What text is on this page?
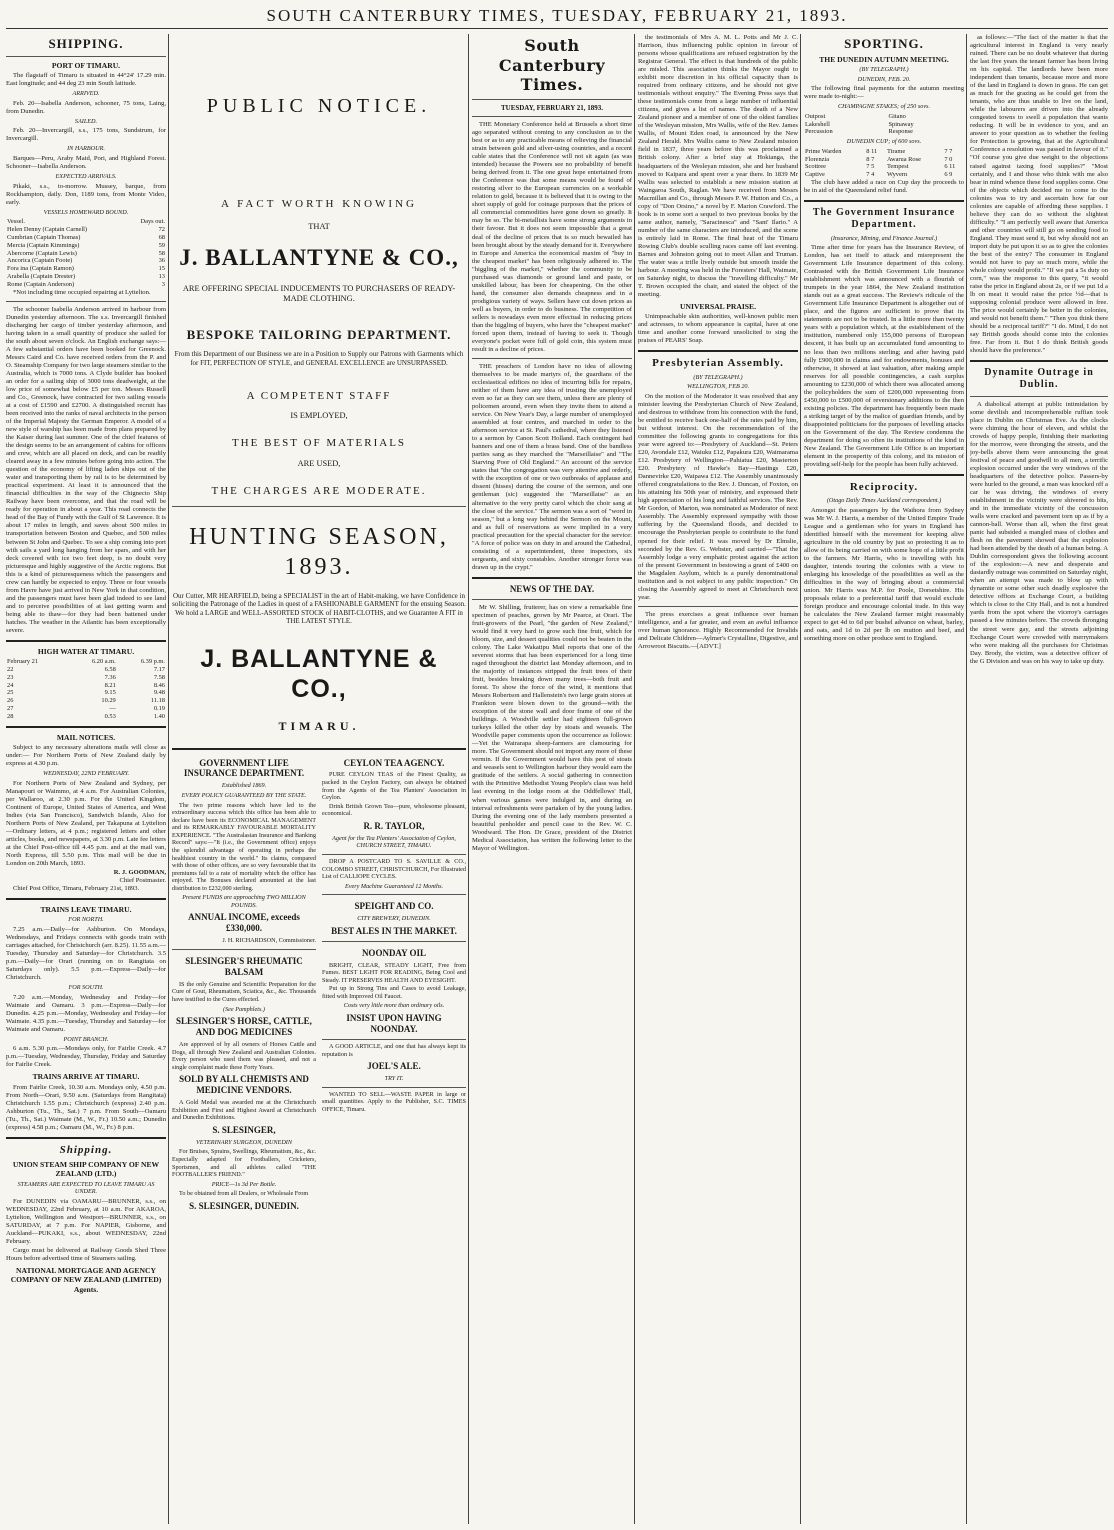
SOUTH CANTERBURY TIMES, TUESDAY, FEBRUARY 21, 1893.
SHIPPING.
PORT OF TIMARU.

The flagstaff of Timaru is situated in 44°24' 17.29 min. East longitude; and 44 deg 23 min South latitude.

ARRIVED.

Feb. 20—Isabella Anderson, schooner, 75 tons, Laing, from Dunedin.

SAILED.

Feb. 20—Invercargill, s.s., 175 tons, Sundstrum, for Invercargill.

IN HARBOUR.

Barques—Peru, Araby Maid, Pori, and Highland Forest. Schooner—Isabella Anderson.

EXPECTED ARRIVALS.

Pikaki, s.s., to-morrow. Mussey, barque, from Rockhampton, daily. Don, 1189 tons, from Monte Video, early.

VESSELS HOMEWARD BOUND.
Vessel.	Days out.
Helen Denny (Captain Carnell)	72
Cumbrian (Captain Thomas)	68
Mercia (Captain Kimmings)	59
Abercorne (Captain Lewis)	58
Ancorica (Captain Foote)	36
Fora ina (Captain Ramon)	15
Arabella (Captain Drester)	13
Rome (Captain Anderson)	3

*Not including time occupied repairing at Lyttelton.

The schooner Isabella Anderson arrived in harbour from Dunedin yesterday afternoon. The s.s. Invercargill finished discharging her cargo of timber yesterday afternoon, and having taken in a small quantity of produce she sailed for the south about seven o'clock. An English exchange says:—A few substantial orders have been booked for Greenock. Messrs Caird and Co. have received orders from the P. and O. Steamship Company for two large steamers similar to the Australia, which is 7000 tons. A Clyde builder has booked an order for a sailing ship of 3000 tons deadweight, at the low price of somewhat below £5 per ton. Messrs Russell and Co., Greenock, have contracted for two sailing vessels at a cost of £1590 and £2700. A distinguished recruit has been received into the ranks of naval architects in the person of the Imperial Majesty the German Emperor. A model of a new style of warship has been made from plans prepared by the Kaiser during last summer. One of the chief features of the design seems to be an arrangement of cabins for officers and crew, which are all placed on deck, and can be readily cleared away in a few minutes before going into action. The question of the economy of lifting laden ships out of the water and transporting them by rail is to be determined by practical experiment. At least it is announced that the financial difficulties in the way of the Chignecto Ship Railway have been overcome, and that the road will be ready for operation in about a year. This road connects the head of the Bay of Fundy with the Gulf of St Lawrence. It is about 17 miles in length, and saves about 500 miles in transportation between Boston and Quebec, and 500 miles between St John and Quebec. To see a ship coming into port with sails a yard long hanging from her spars, and with her deck covered with ice two feet deep, is no doubt very picturesque and highly suggestive of the Arctic regions. But this is a kind of picturesqueness which the passengers and crew can hardly be expected to enjoy. Three or four vessels from Havre have just arrived in New York in that condition, and the passengers must have been glad indeed to see land and to perceive possibilities of at last getting warm and being able to thaw—for they had been battened under hatches. The weather in the Atlantic has been exceptionally severe.

HIGH WATER AT TIMARU.
February 21	6.20 a.m.	6.39 p.m.
22	6.58	7.17
23	7.36	7.58
24	8.21	8.46
25	9.15	9.48
26	10.29	11.18
27	—	0.19
28	0.53	1.40
MAIL NOTICES.

Subject to any necessary alterations mails will close as under:— For Northern Ports of New Zealand daily by express at 4.30 p.m.

WEDNESDAY, 22ND FEBRUARY.

For Northern Ports of New Zealand and Sydney, per Manapouri or Waimmo, at 4 a.m. For Australian Colonies, per Wallaroo, at 2.30 p.m. For the United Kingdom, Continent of Europe, United States of America, and West Indies (via San Francisco), Sandwich Islands, Also for Northern Ports of New Zealand, per Takapuna at Lyttelton—Ordinary letters, at 4 p.m.; registered letters and other articles, books, and newspapers, at 3.30 p.m. Late fee letters at the Chief Post-office till 4.45 p.m. and at the mail van, North Express, till 5.50 p.m. This mail will be due in London on 20th March, 1893.

R. J. GOODMAN,
Chief Postmaster.

Chief Post Office, Timaru, February 21st, 1893.

TRAINS LEAVE TIMARU.
FOR NORTH.

7.25 a.m.—Daily—for Ashburton. On Mondays, Wednesdays, and Fridays connects with goods train with carriages attached, for Christchurch (arr. 8.25). 11.55 a.m.—Tuesday, Thursday and Saturday—for Christchurch. 3.5 p.m.—Daily—for Orari (running on to Rangitata on Saturdays only). 5.5 p.m.—Express—Daily—for Christchurch.

FOR SOUTH.

7.20 a.m.—Monday, Wednesday and Friday—for Waimate and Oamaru. 3 p.m.—Express—Daily—for Dunedin. 4.25 p.m.—Monday, Wednesday and Friday—for Waimate. 4.35 p.m.—Tuesday, Thursday and Saturday—for Waimate and Oamaru.

POINT BRANCH.

6 a.m. 5.30 p.m.—Mondays only, for Fairlie Creek. 4.7 p.m.—Tuesday, Wednesday, Thursday, Friday and Saturday for Fairlie Creek.

TRAINS ARRIVE AT TIMARU.

From Fairlie Creek, 10.30 a.m. Mondays only, 4.50 p.m. From North—Orari, 9.50 a.m. (Saturdays from Rangitata) Christchurch 1.55 p.m.; Christchurch (express) 2.40 p.m. Ashburton (Tu., Th., Sat.) 7 p.m. From South—Oamaru (Tu., Th., Sat.) Waimate (M., W., Fr.) 10.50 a.m.; Dunedin (express) 4.58 p.m.; Oamaru (M., W., Fr.) 8 p.m.

Shipping.
UNION STEAM SHIP COMPANY OF NEW ZEALAND (LTD.)
STEAMERS ARE EXPECTED TO LEAVE TIMARU AS UNDER.

For DUNEDIN via OAMARU—BRUNNER, s.s., on WEDNESDAY, 22nd February, at 10 a.m. For AKAROA, Lyttelton, Wellington and Westport—BRUNNER, s.s., on SATURDAY, at 7 p.m. For NAPIER, Gisborne, and Auckland—PUKAKI, s.s., about WEDNESDAY, 22nd February.

Cargo must be delivered at Railway Goods Shed Three Hours before advertised time of Steamers sailing.

NATIONAL MORTGAGE AND AGENCY COMPANY OF NEW ZEALAND (LIMITED) Agents.
PUBLIC NOTICE.
A FACT WORTH KNOWING
THAT
J. BALLANTYNE & CO.,
ARE OFFERING SPECIAL INDUCEMENTS TO PURCHASERS OF READY-MADE CLOTHING.
BESPOKE TAILORING DEPARTMENT.
From this Department of our Business we are in a Position to Supply our Patrons with Garments which for FIT, PERFECTION OF STYLE, and GENERAL EXCELLENCE are UNSURPASSED.
A COMPETENT STAFF
IS EMPLOYED,
THE BEST OF MATERIALS
ARE USED,
THE CHARGES ARE MODERATE.
HUNTING SEASON, 1893.
Our Cutter, MR HEARFIELD, being a SPECIALIST in the art of Habit-making, we have Confidence in soliciting the Patronage of the Ladies in quest of a FASHIONABLE GARMENT for the ensuing Season. We hold a LARGE and WELL-ASSORTED STOCK of HABIT-CLOTHS, and we Guarantee A FIT in THE LATEST STYLE.
J. BALLANTYNE & CO.,
TIMARU.
GOVERNMENT LIFE INSURANCE DEPARTMENT.
Established 1869.
EVERY POLICY GUARANTEED BY THE STATE.

The two prime reasons which have led to the extraordinary success which this office has been able to declare have been its ECONOMICAL MANAGEMENT and its REMARKABLY FAVOURABLE MORTALITY EXPERIENCE. "The Australasian Insurance and Banking Record" says:—"It (i.e., the Government office) enjoys the splendid advantage of operating in perhaps the healthiest country in the world." Its claims, compared with those of other offices, are so very favourable that its premiums fall to a rate of mortality which the office has enjoyed. The Bonuses declared amounted at the last distribution to £232,000 sterling.

Present FUNDS are approaching TWO MILLION POUNDS.
ANNUAL INCOME, exceeds £330,000.
J. H. RICHARDSON, Commissioner.
SLESINGER'S RHEUMATIC BALSAM

IS the only Genuine and Scientific Preparation for the Cure of Gout, Rheumatism, Sciatica, &c., &c. Thousands have testified to the Cures effected.

(See Pamphlets.)
SLESINGER'S HORSE, CATTLE, AND DOG MEDICINES

Are approved of by all owners of Horses Cattle and Dogs, all through New Zealand and Australian Colonies. Every person who used them was pleased, and not a single complaint made these Forty Years.

SOLD BY ALL CHEMISTS AND MEDICINE VENDORS.

A Gold Medal was awarded me at the Christchurch Exhibition and First and Highest Award at Christchurch and Dunedin Exhibitions.

S. SLESINGER,
VETERINARY SURGEON, DUNEDIN

For Bruises, Sprains, Swellings, Rheumatism, &c., &c. Especially adapted for Footballers, Cricketers, Sportsmen, and all athletes called "THE FOOTBALLER'S FRIEND."

PRICE—1s 3d Per Bottle.

To be obtained from all Dealers, or Wholesale From

S. SLESINGER, DUNEDIN.
CEYLON TEA AGENCY.

PURE CEYLON TEAS of the Finest Quality, as packed in the Ceylon Factory, can always be obtained from the Agents of the Tea Planters' Association in Ceylon.

Drink British Grown Tea—pure, wholesome pleasant, economical.

R. R. TAYLOR,
Agent for the Tea Planters' Association of Ceylon, CHURCH STREET, TIMARU.

DROP A POSTCARD TO S. SAVILLE & CO., COLOMBO STREET, CHRISTCHURCH, For Illustrated List of CALLIOPE CYCLES.

Every Machine Guaranteed 12 Months.
SPEIGHT AND CO.
CITY BREWERY, DUNEDIN.
BEST ALES IN THE MARKET.
NOONDAY OIL

BRIGHT, CLEAR, STEADY LIGHT, Free from Fumes. BEST LIGHT FOR READING, Being Cool and Steady. IT PRESERVES HEALTH AND EYESIGHT.

Put up in Strong Tins and Cases to avoid Leakage, fitted with Improved Oil Faucet.

Costs very little more than ordinary oils.
INSIST UPON HAVING NOONDAY.

A GOOD ARTICLE, and one that has always kept its reputation is

JOEL'S ALE.
TRY IT.

WANTED TO SELL—WASTE PAPER in large or small quantities. Apply to the Publisher, S.C. TIMES OFFICE, Timaru.

South Canterbury Times.
TUESDAY, FEBRUARY 21, 1893.

THE Monetary Conference held at Brussels a short time ago separated without coming to any conclusion as to the best or as to any practicable means of relieving the financial strain between gold and silver-using countries, and a recent cable states that the Conference will not sit again (as was intended) because the Powers see no probability of benefit being derived from it. The one great hope entertained from the Conference was that some means would be found of restoring silver to the European currencies on a workable relation to gold, because it is believed that it is owing to the short supply of gold for coinage purposes that the prices of all commercial commodities have gone down so greatly. It may be so. The bi-metallists have some strong arguments in their favour. But it does not seem impossible that a great deal of the decline of prices that is so much bewailed has been brought about by the steady demand for it. Everywhere in Europe and America the economical maxim of "buy in the cheapest market" has been religiously adhered to. The "higgling of the market," whether the community to be purchased was diamonds or ground land and paste, or unskilled labour, has been for cheapening. On the other hand, the consumer also demands cheapness and in a prodigious variety of ways. Sellers have cut down prices as well as buyers, in order to do business. The competition of sellers is nowadays even more effectual in reducing prices than the higgling of buyers, who have the "cheapest market" forced upon them, instead of having to seek it. Though everyone's pocket were full of gold coin, this system must result in a decline of prices.

THE preachers of London have no idea of allowing themselves to be made martyrs of, the guardians of the ecclesiastical edifices no idea of incurring bills for repairs, neither of them have any idea of trusting the unemployed even so far as they can see them, unless there are plenty of policemen around, even when they invite them to attend a service. On New Year's Day, a large number of unemployed assembled at four centres, and marched in order to the afternoon service at St. Paul's cathedral, where they listened to a sermon by Canon Scott Holland. Each contingent had banners and one of them a brass band. One of the bandless parties sang as they marched the "Marseillaise" and "The Starving Poor of Old England." An account of the service states that "the congregation was very attentive and orderly, with the exception of one or two outbreaks of applause and dissent (hisses) during the course of the sermon, and one gentleman (sic) suggested the "Marseillaise" as an alternative to the very pretty carol which the choir sang at the close of the service." The sermon was a sort of "word in season," but a long way behind the Sermon on the Mount, and as full of reservations as were implied in a very practical precaution for the special character for the service: "A force of police was on duty in and around the Cathedral, consisting of a superintendent, three inspectors, six sergeants, and sixty constables. Another stronger force was drawn up in the crypt."

NEWS OF THE DAY.

Mr W. Shilling, fruiterer, has on view a remarkable fine specimen of peaches, grown by Mr Pearce, at Orari. The fruit-growers of the Pearl, "the garden of New Zealand," would find it very hard to grow such fine fruit, which for bloom, size, and dessert qualities could not be beaten in the colony. The Lake Wakatipu Mail reports that one of the severest storms that has been experienced for a long time raged throughout the district last Monday afternoon, and in the majority of instances stripped the fruit trees of their fruit, besides breaking down many trees—both fruit and forest. To show the force of the wind, it mentions that Messrs Robertson and Hallenstein's two large grain stores at Frankton were blown down to the ground—with the exception of the stone wall and door frame of one of the buildings. A Woodville settler had eighteen full-grown turkeys killed the other day by stoats and weasels. The Woodville paper comments upon the occurrence as follows:—Yet the Wairarapa sheep-farmers are clamouring for more. The Government should not import any more of these vermin. If the Government would have this pest of stoats and weasels sent to Wellington harbour they would earn the gratitude of the settlers. A social gathering in connection with the Primitive Methodist Young People's class was held last evening in the lodge room at the Oddfellows' Hall, when various games were indulged in, and during an interval refreshments were partaken of by the young ladies. During the evening one of the lady members presented a beautiful penholder and pencil case to the Rev. W. C. Woodward. The Hon. Dr Grace, president of the District Medical Association, has written the following letter to the Mayor of Wellington.

the testimonials of Mrs A. M. L. Potts and Mr J. C. Harrison, thus influencing public opinion in favour of persons whose qualifications are refused registration by the Registrar General. The effect is that hundreds of the public are misled. This association thinks the Mayor ought to exhibit more discretion in his official capacity than is required from ordinary citizens, and he should not give testimonials without enquiry." The Evening Press says that these testimonials come from a large number of influential citizens, and gives a list of names. The death of a New Zealand pioneer and a member of one of the oldest families of the Wesleyan mission, Mrs Wallis, wife of the Rev. James Wallis, of Mount Eden road, is announced by the New Zealand Herald. Mrs Wallis came to New Zealand mission field in 1837, three years before this was proclaimed a British colony. After a brief stay at Hokianga, the headquarters of the Wesleyan mission, she and her husband moved to Kaipara and spent over a year there. In 1839 Mr Wallis was selected to establish a new mission station at Waingaroa South, Raglan. We have received from Messrs Macmillan and Co., through Messrs P. W. Hutton and Co., a copy of "Don Orsino," a novel by F. Marion Crawford. The book is in some sort a sequel to two previous books by the same author, namely, "Saracinesca" and "Sant' Ilario." A number of the same characters are introduced, and the scene is entirely laid in Rome. The final heat of the Timaru Rowing Club's double sculling races came off last evening. Barnes and Johnston going out to meet Allan and Truman. The water was a trifle lively outside but smooth inside the harbour. A meeting was held in the Foresters' Hall, Waimate, on Saturday night, to discuss the "travelling difficulty." Mr T. Brown occupied the chair, and stated the object of the meeting.

UNIVERSAL PRAISE.

Unimpeachable skin authorities, well-known public men and actresses, to whom appearance is capital, have at one time and another come forward unsolicited to sing the praises of PEARS' Soap.

Presbyterian Assembly.
(BY TELEGRAPH.)
WELLINGTON, FEB 20.

On the motion of the Moderator it was resolved that any minister leaving the Presbyterian Church of New Zealand, and desirous to withdraw from his connection with the fund, be entitled to receive back one-half of the rates paid by him, but without interest. On the recommendation of the committee the following grants to congregations for this year were agreed to:—Presbytery of Auckland—St. Peters £20, Avondale £12, Waiuku £12, Papakura £20, Waimarama £12. Presbytery of Wellington—Pahiatua £20, Masterton £20. Presbytery of Hawke's Bay—Hastings £20, Dannevirke £20, Waipawa £12. The Assembly unanimously offered congratulations to the Rev. J. Duncan, of Foxton, on his attaining his 50th year of ministry, and expressed their high appreciation of his long and faithful services. The Rev. Mr Gordon, of Marton, was nominated as Moderator of next Assembly. The Assembly expressed sympathy with those suffering by the Queensland floods, and decided to encourage the Presbyterian people to contribute to the fund opened for their relief. It was moved by Dr Elmslie, seconded by the Rev. G. Webster, and carried—"That the Assembly lodge a very emphatic protest against the action of the present Government in bestowing a grant of £400 on the Magdalen Asylum, which is a purely denominational institution and is not subject to any public inspection." On closing the Assembly agreed to meet at Christchurch next year.

The press exercises a great influence over human intelligence, and a far greater, and even an awful influence over human ignorance. Highly Recommended for Invalids and Delicate Children—Aylmer's Crystalline, Digestive, and Arrowroot Biscuits.—[ADVT.]

SPORTING.
THE DUNEDIN AUTUMN MEETING.
(BY TELEGRAPH.)
DUNEDIN, FEB. 20.

The following final payments for the autumn meeting were made to-night:—

CHAMPAGNE STAKES; of 250 sovs.
Outpost	Gitano
Lakeshell	Spinaway
Percussion	Response
DUNEDIN CUP; of 600 sovs.
Prime Warden	8 11	Tirame	7 7
Florenzia	8 7	Awarua Rose	7 0
Scottree	7 5	Tempest	6 11
Captive	7 4	Wyvern	6 9

The club have added a race on Cup day the proceeds to be in aid of the Queensland relief fund.

The Government Insurance Department.
(Insurance, Mining, and Finance Journal.)

Time after time for years has the Insurance Review, of London, has set itself to attack and misrepresent the Government Life Insurance department of this colony. Contrasted with the British Government Life Insurance establishment which was announced with a flourish of trumpets in the year 1864, the New Zealand institution stands out as a great success. The Review's ridicule of the Government Life Insurance Department is altogether out of place, and the figures are sufficient to prove that its statements are not to be trusted. In a little more than twenty years with a population which, at the establishment of the institution, numbered only 155,000 persons of European descent, it has built up an accumulated fund amounting to no less than two millions sterling; and after having paid fully £900,000 in claims and for endowments, bonuses and otherwise, it showed at last valuation, after making ample reserves for all possible contingencies, a cash surplus amounting to £230,000 of which there was allocated among the policyholders the sum of £200,000 representing from £450,000 to £500,000 of reversionary additions to the then existing policies. The department has frequently been made a striking target of by the malice of guardian friends, and by disappointed politicians for the purposes of levelling attacks on the Government of the day. The Review condemns the department for doing so often its institutions of the kind in New Zealand. The Government Life Office is an important element in the prosperity of this colony, and its mission of providing self-help for the people has been fully achieved.

Reciprocity.
(Otago Daily Times Auckland correspondent.)

Amongst the passengers by the Waihora from Sydney was Mr W. J. Harris, a member of the United Empire Trade League and a gentleman who for years in England has identified himself with the movement for keeping alive agriculture in the old country by just so protecting it as to allow of its being carried on with some hope of a little profit to the farmers. Mr Harris, who is travelling with his daughter, intends touring the colonies with a view to enlarging his knowledge of the possibilities as well as the difficulties in the way of bringing about a commercial union. Mr Harris was M.P. for Poole, Dorsetshire. His proposals relate to a preferential tariff that would exclude foreign produce and encourage colonial trade. In this way he calculates the New Zealand farmer might reasonably expect to get 4d to 6d per bushel advance on wheat, barley, and oats, and 1d to 2d per lb on mutton and beef, and something more on other produce sent to England.

as follows:—"The fact of the matter is that the agricultural interest in England is very nearly ruined. There can be no doubt whatever that during the last five years the tenant farmer has been living on his capital. The landlords have been more independent than tenants, because more and more of the land in England is down in grass. He can get as much for the grazing as he could get from the tenants, who are thus unable to live on the land, while the labourers are driven into the already congested towns to swell a population that wants reducing. It will be in evidence to you, and an answer to your question as to whether the feeling for Protection is growing, that at the Agricultural Conference a resolution was passed in favour of it." "Of course you give due weight to the objections raised against taxing food supplies?" "Most certainly, and I and those who think with me also bear in mind whence these food supplies come. One of the objects which decided me to come to the colonies was to try and ascertain how far our colonies are capable of affording these supplies. I believe they can do so without the slightest difficulty." "I am perfectly well aware that America and other countries will still go on sending food to England. They must send it, but why should not an import duty be put upon it so as to give the colonies the best of the entry? The consumer in England would not have to pay so much more, while the whole colony would profit." "If we put a 5s duty on corn," was the response to this query, "it would raise the price in England about 2s, or if we put 1d a lb on meat it would raise the price ½d—that is supposing colonial produce were allowed in free. The price would certainly be better in the colonies, and would not benefit them." "Then you think there should be a reciprocal tariff?" "I do. Mind, I do not say British goods should come into the colonies free. Far from it. But I do think British goods should have the preference."

Dynamite Outrage in Dublin.

A diabolical attempt at public intimidation by some devilish and incomprehensible ruffian took place in Dublin on Christmas Eve. As the clocks were chiming the hour of eleven, and whilst the crowds of happy people, finishing their marketing for the morrow, were thronging the streets, and the joy-bells above them were announcing the great festival of peace and goodwill to all men, a terrific explosion occurred under the very windows of the headquarters of the detective police. Passers-by were hurled to the ground, a man was knocked off a car he was driving, the windows of every establishment in the vicinity were shivered to bits, and in the immediate vicinity of the concussion walls were cracked and pavement torn up as if by a cannon-ball. Worse than all, when the first great panic had subsided a mangled mass of clothes and flesh on the pavement showed that the explosion had been attended by the death of a human being. A Dublin correspondent gives the following account of the explosion:—A new and desperate and dastardly outrage was committed on Saturday night, when an attempt was made to blow up with dynamite or some other such deadly explosive the detective offices at Exchange Court, a building which is close to the City Hall, and is not a hundred yards from the spot where the viceroy's carriages passed a few minutes before. The crowds thronging the street were gay, and the streets adjoining Exchange Court were crowded with merrymakers who were making all the purchases for Christmas Day. Brody, the victim, was a detective officer of the G Division and was on his way to take up duty.
